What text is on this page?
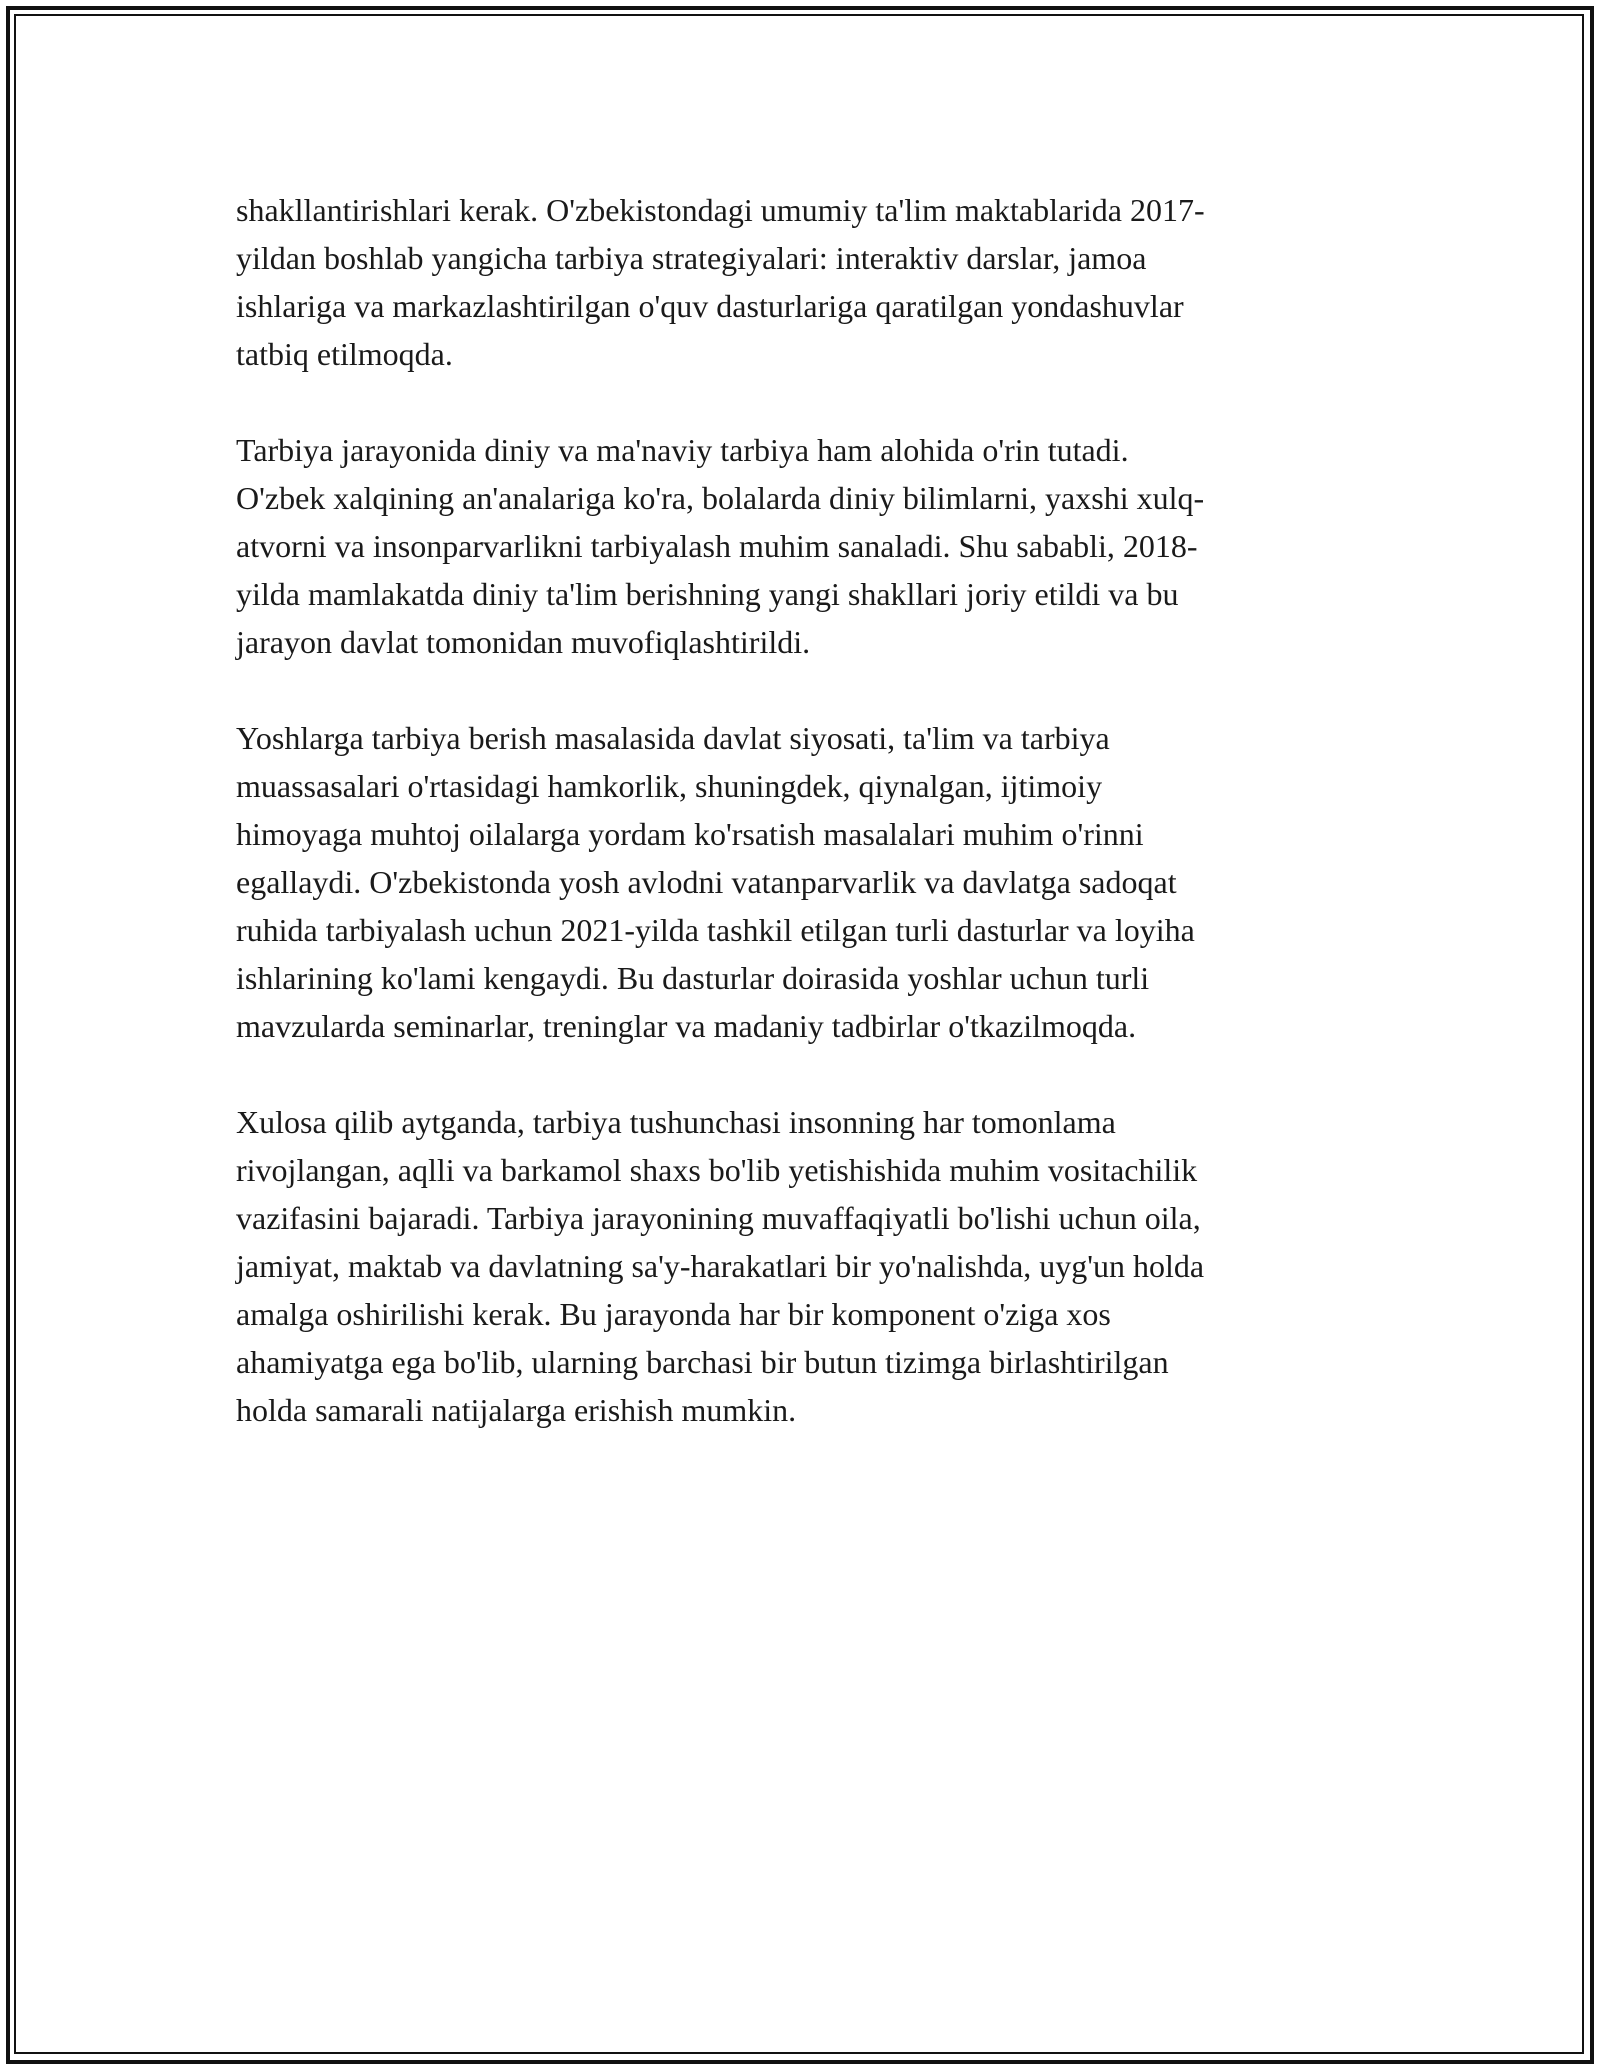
shakllantirishlari kerak. O'zbekistondagi umumiy ta'lim maktablarida 2017-
yildan boshlab yangicha tarbiya strategiyalari: interaktiv darslar, jamoa
ishlariga va markazlashtirilgan o'quv dasturlariga qaratilgan yondashuvlar
tatbiq etilmoqda.

Tarbiya jarayonida diniy va ma'naviy tarbiya ham alohida o'rin tutadi.
O'zbek xalqining an'analariga ko'ra, bolalarda diniy bilimlarni, yaxshi xulq-
atvorni va insonparvarlikni tarbiyalash muhim sanaladi. Shu sababli, 2018-
yilda mamlakatda diniy ta'lim berishning yangi shakllari joriy etildi va bu
jarayon davlat tomonidan muvofiqlashtirildi.

Yoshlarga tarbiya berish masalasida davlat siyosati, ta'lim va tarbiya
muassasalari o'rtasidagi hamkorlik, shuningdek, qiynalgan, ijtimoiy
himoyaga muhtoj oilalarga yordam ko'rsatish masalalari muhim o'rinni
egallaydi. O'zbekistonda yosh avlodni vatanparvarlik va davlatga sadoqat
ruhida tarbiyalash uchun 2021-yilda tashkil etilgan turli dasturlar va loyiha
ishlarining ko'lami kengaydi. Bu dasturlar doirasida yoshlar uchun turli
mavzularda seminarlar, treninglar va madaniy tadbirlar o'tkazilmoqda.

Xulosa qilib aytganda, tarbiya tushunchasi insonning har tomonlama
rivojlangan, aqlli va barkamol shaxs bo'lib yetishishida muhim vositachilik
vazifasini bajaradi. Tarbiya jarayonining muvaffaqiyatli bo'lishi uchun oila,
jamiyat, maktab va davlatning sa'y-harakatlari bir yo'nalishda, uyg'un holda
amalga oshirilishi kerak. Bu jarayonda har bir komponent o'ziga xos
ahamiyatga ega bo'lib, ularning barchasi bir butun tizimga birlashtirilgan
holda samarali natijalarga erishish mumkin.
